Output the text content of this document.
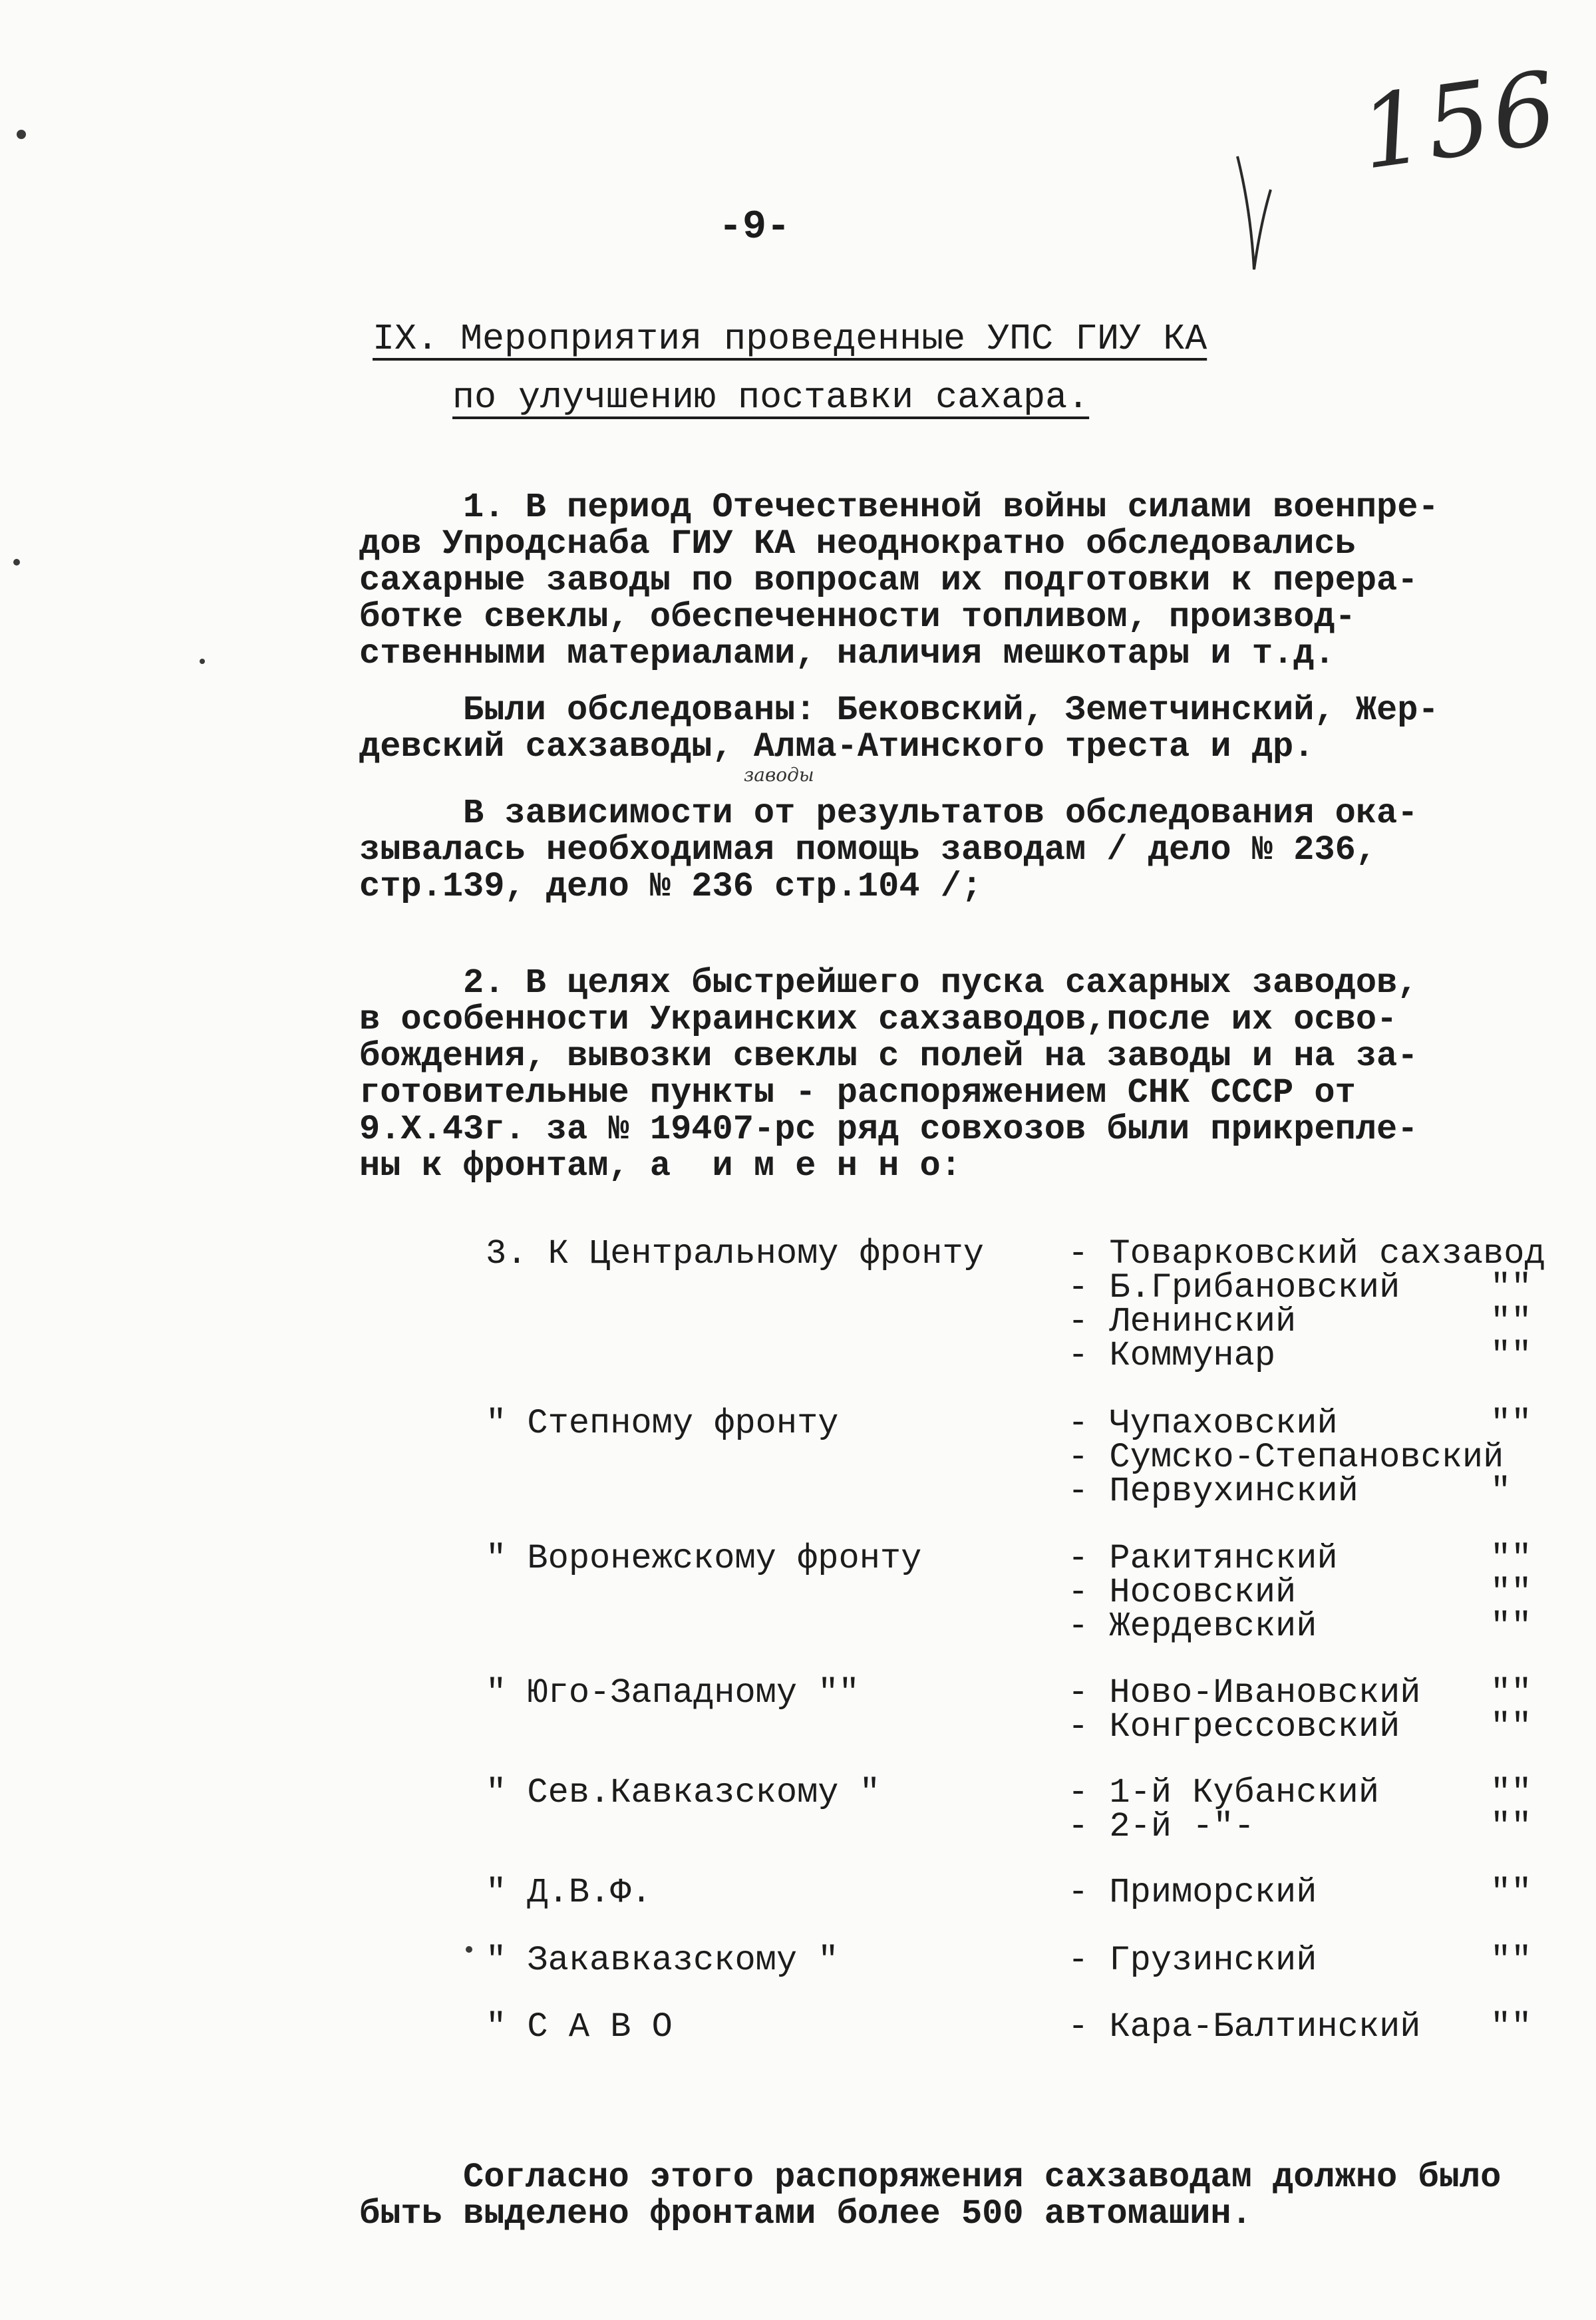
156
-9-
IX. Мероприятия проведенные УПС ГИУ КА
по улучшению поставки сахара.
1. В период Отечественной войны силами военпре-
дов Упродснаба ГИУ КА неоднократно обследовались
сахарные заводы по вопросам их подготовки к перера-
ботке свеклы, обеспеченности топливом, производ-
ственными материалами, наличия мешкотары и т.д.
Были обследованы: Бековский, Земетчинский, Жер-
девский сахзаводы, Алма-Атинского треста и др.
заводы
В зависимости от результатов обследования ока-
зывалась необходимая помощь заводам / дело № 236,
стр.139, дело № 236 стр.104 /;
2. В целях быстрейшего пуска сахарных заводов,
в особенности Украинских сахзаводов,после их осво-
бождения, вывозки свеклы с полей на заводы и на за-
готовительные пункты - распоряжением СНК СССР от
9.Х.43г. за № 19407-рс ряд совхозов были прикрепле-
ны к фронтам, а  и м е н н о:
3. К Центральному фронту - Товарковский сахзавод
- Б.Грибановский	""
- Ленинский	""
- Коммунар	""
" Степному фронту	- Чупаховский	""
- Сумско-Степановский
- Первухинский	"
" Воронежскому фронту	- Ракитянский	""
- Носовский	""
- Жердевский	""
" Юго-Западному ""	- Ново-Ивановский ""
- Конгрессовский	""
" Сев.Кавказскому "	- 1-й Кубанский	""
- 2-й -"-	""
" Д.В.Ф.	- Приморский	""
" Закавказскому "	- Грузинский	""
" С А В О	- Кара-Балтинский ""
Согласно этого распоряжения сахзаводам должно было
быть выделено фронтами более 500 автомашин.
